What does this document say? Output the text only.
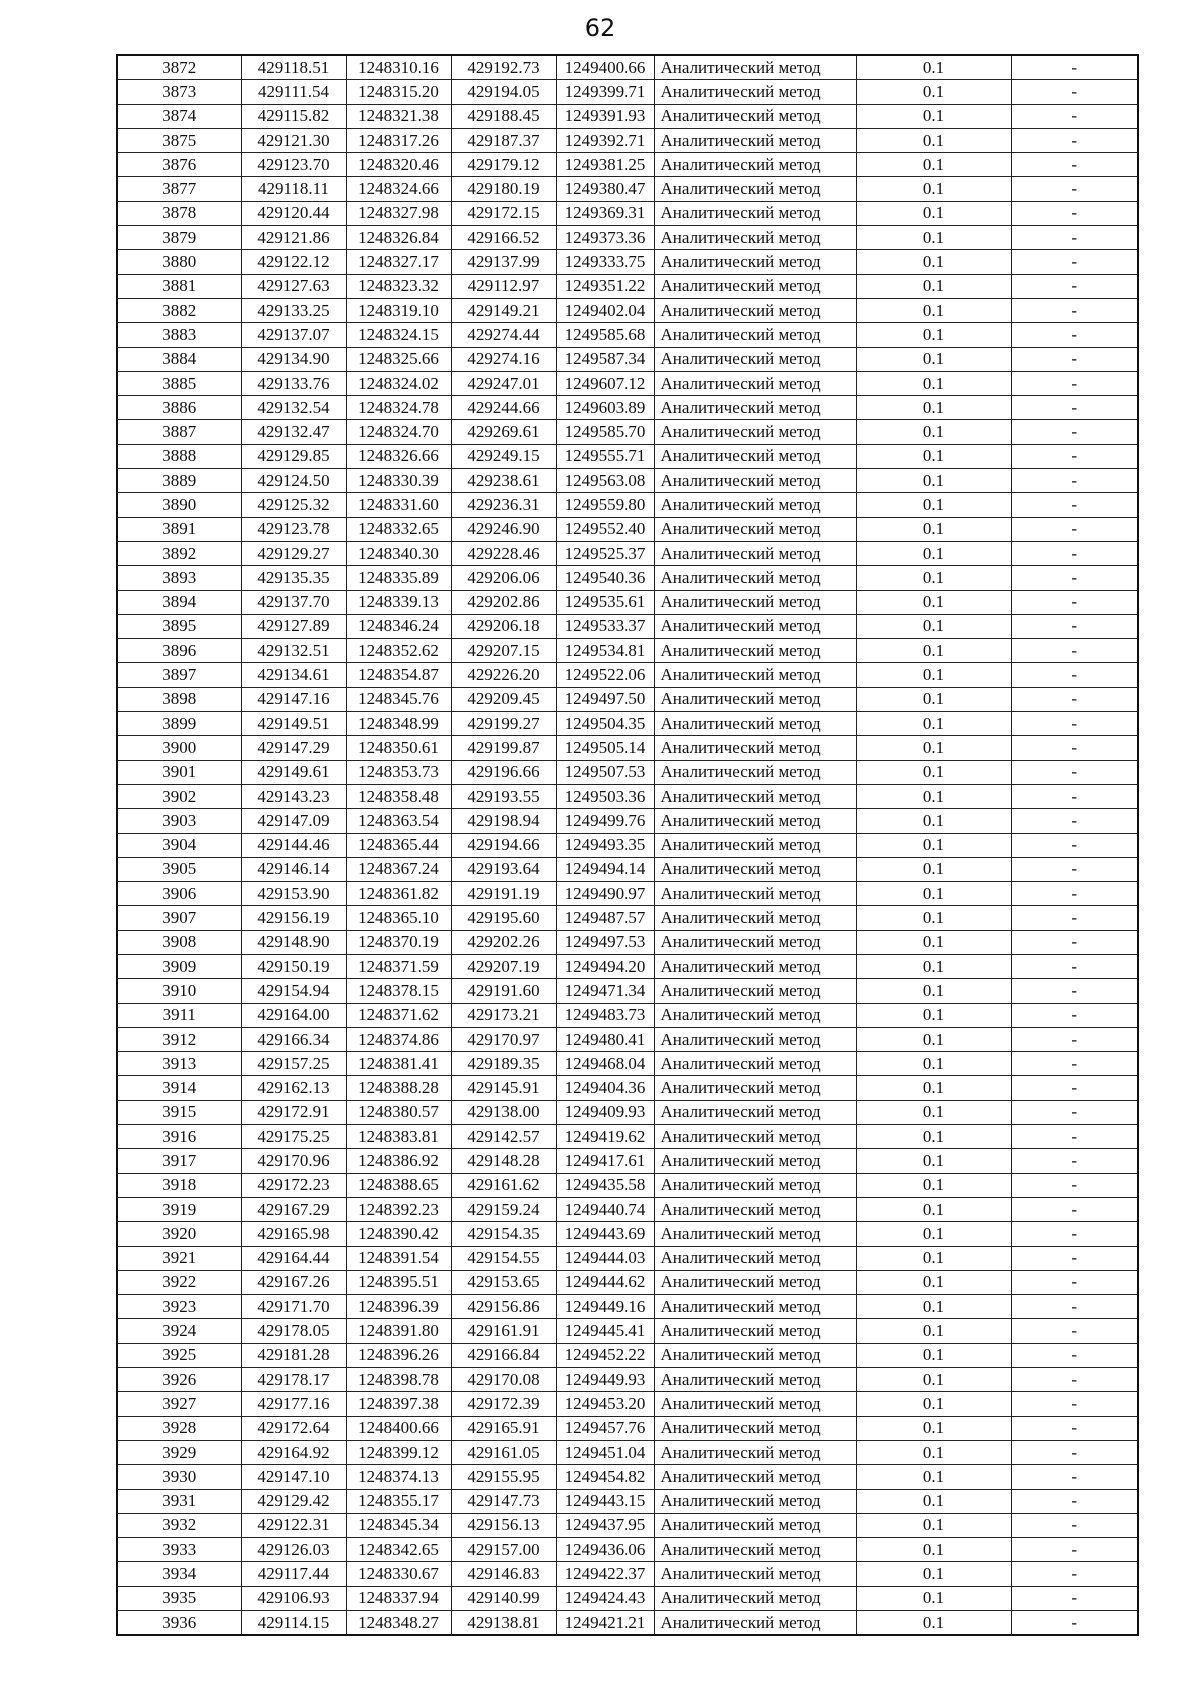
62
3872	429118.51	1248310.16	429192.73	1249400.66	Аналитический метод	0.1	-
3873	429111.54	1248315.20	429194.05	1249399.71	Аналитический метод	0.1	-
3874	429115.82	1248321.38	429188.45	1249391.93	Аналитический метод	0.1	-
3875	429121.30	1248317.26	429187.37	1249392.71	Аналитический метод	0.1	-
3876	429123.70	1248320.46	429179.12	1249381.25	Аналитический метод	0.1	-
3877	429118.11	1248324.66	429180.19	1249380.47	Аналитический метод	0.1	-
3878	429120.44	1248327.98	429172.15	1249369.31	Аналитический метод	0.1	-
3879	429121.86	1248326.84	429166.52	1249373.36	Аналитический метод	0.1	-
3880	429122.12	1248327.17	429137.99	1249333.75	Аналитический метод	0.1	-
3881	429127.63	1248323.32	429112.97	1249351.22	Аналитический метод	0.1	-
3882	429133.25	1248319.10	429149.21	1249402.04	Аналитический метод	0.1	-
3883	429137.07	1248324.15	429274.44	1249585.68	Аналитический метод	0.1	-
3884	429134.90	1248325.66	429274.16	1249587.34	Аналитический метод	0.1	-
3885	429133.76	1248324.02	429247.01	1249607.12	Аналитический метод	0.1	-
3886	429132.54	1248324.78	429244.66	1249603.89	Аналитический метод	0.1	-
3887	429132.47	1248324.70	429269.61	1249585.70	Аналитический метод	0.1	-
3888	429129.85	1248326.66	429249.15	1249555.71	Аналитический метод	0.1	-
3889	429124.50	1248330.39	429238.61	1249563.08	Аналитический метод	0.1	-
3890	429125.32	1248331.60	429236.31	1249559.80	Аналитический метод	0.1	-
3891	429123.78	1248332.65	429246.90	1249552.40	Аналитический метод	0.1	-
3892	429129.27	1248340.30	429228.46	1249525.37	Аналитический метод	0.1	-
3893	429135.35	1248335.89	429206.06	1249540.36	Аналитический метод	0.1	-
3894	429137.70	1248339.13	429202.86	1249535.61	Аналитический метод	0.1	-
3895	429127.89	1248346.24	429206.18	1249533.37	Аналитический метод	0.1	-
3896	429132.51	1248352.62	429207.15	1249534.81	Аналитический метод	0.1	-
3897	429134.61	1248354.87	429226.20	1249522.06	Аналитический метод	0.1	-
3898	429147.16	1248345.76	429209.45	1249497.50	Аналитический метод	0.1	-
3899	429149.51	1248348.99	429199.27	1249504.35	Аналитический метод	0.1	-
3900	429147.29	1248350.61	429199.87	1249505.14	Аналитический метод	0.1	-
3901	429149.61	1248353.73	429196.66	1249507.53	Аналитический метод	0.1	-
3902	429143.23	1248358.48	429193.55	1249503.36	Аналитический метод	0.1	-
3903	429147.09	1248363.54	429198.94	1249499.76	Аналитический метод	0.1	-
3904	429144.46	1248365.44	429194.66	1249493.35	Аналитический метод	0.1	-
3905	429146.14	1248367.24	429193.64	1249494.14	Аналитический метод	0.1	-
3906	429153.90	1248361.82	429191.19	1249490.97	Аналитический метод	0.1	-
3907	429156.19	1248365.10	429195.60	1249487.57	Аналитический метод	0.1	-
3908	429148.90	1248370.19	429202.26	1249497.53	Аналитический метод	0.1	-
3909	429150.19	1248371.59	429207.19	1249494.20	Аналитический метод	0.1	-
3910	429154.94	1248378.15	429191.60	1249471.34	Аналитический метод	0.1	-
3911	429164.00	1248371.62	429173.21	1249483.73	Аналитический метод	0.1	-
3912	429166.34	1248374.86	429170.97	1249480.41	Аналитический метод	0.1	-
3913	429157.25	1248381.41	429189.35	1249468.04	Аналитический метод	0.1	-
3914	429162.13	1248388.28	429145.91	1249404.36	Аналитический метод	0.1	-
3915	429172.91	1248380.57	429138.00	1249409.93	Аналитический метод	0.1	-
3916	429175.25	1248383.81	429142.57	1249419.62	Аналитический метод	0.1	-
3917	429170.96	1248386.92	429148.28	1249417.61	Аналитический метод	0.1	-
3918	429172.23	1248388.65	429161.62	1249435.58	Аналитический метод	0.1	-
3919	429167.29	1248392.23	429159.24	1249440.74	Аналитический метод	0.1	-
3920	429165.98	1248390.42	429154.35	1249443.69	Аналитический метод	0.1	-
3921	429164.44	1248391.54	429154.55	1249444.03	Аналитический метод	0.1	-
3922	429167.26	1248395.51	429153.65	1249444.62	Аналитический метод	0.1	-
3923	429171.70	1248396.39	429156.86	1249449.16	Аналитический метод	0.1	-
3924	429178.05	1248391.80	429161.91	1249445.41	Аналитический метод	0.1	-
3925	429181.28	1248396.26	429166.84	1249452.22	Аналитический метод	0.1	-
3926	429178.17	1248398.78	429170.08	1249449.93	Аналитический метод	0.1	-
3927	429177.16	1248397.38	429172.39	1249453.20	Аналитический метод	0.1	-
3928	429172.64	1248400.66	429165.91	1249457.76	Аналитический метод	0.1	-
3929	429164.92	1248399.12	429161.05	1249451.04	Аналитический метод	0.1	-
3930	429147.10	1248374.13	429155.95	1249454.82	Аналитический метод	0.1	-
3931	429129.42	1248355.17	429147.73	1249443.15	Аналитический метод	0.1	-
3932	429122.31	1248345.34	429156.13	1249437.95	Аналитический метод	0.1	-
3933	429126.03	1248342.65	429157.00	1249436.06	Аналитический метод	0.1	-
3934	429117.44	1248330.67	429146.83	1249422.37	Аналитический метод	0.1	-
3935	429106.93	1248337.94	429140.99	1249424.43	Аналитический метод	0.1	-
3936	429114.15	1248348.27	429138.81	1249421.21	Аналитический метод	0.1	-
